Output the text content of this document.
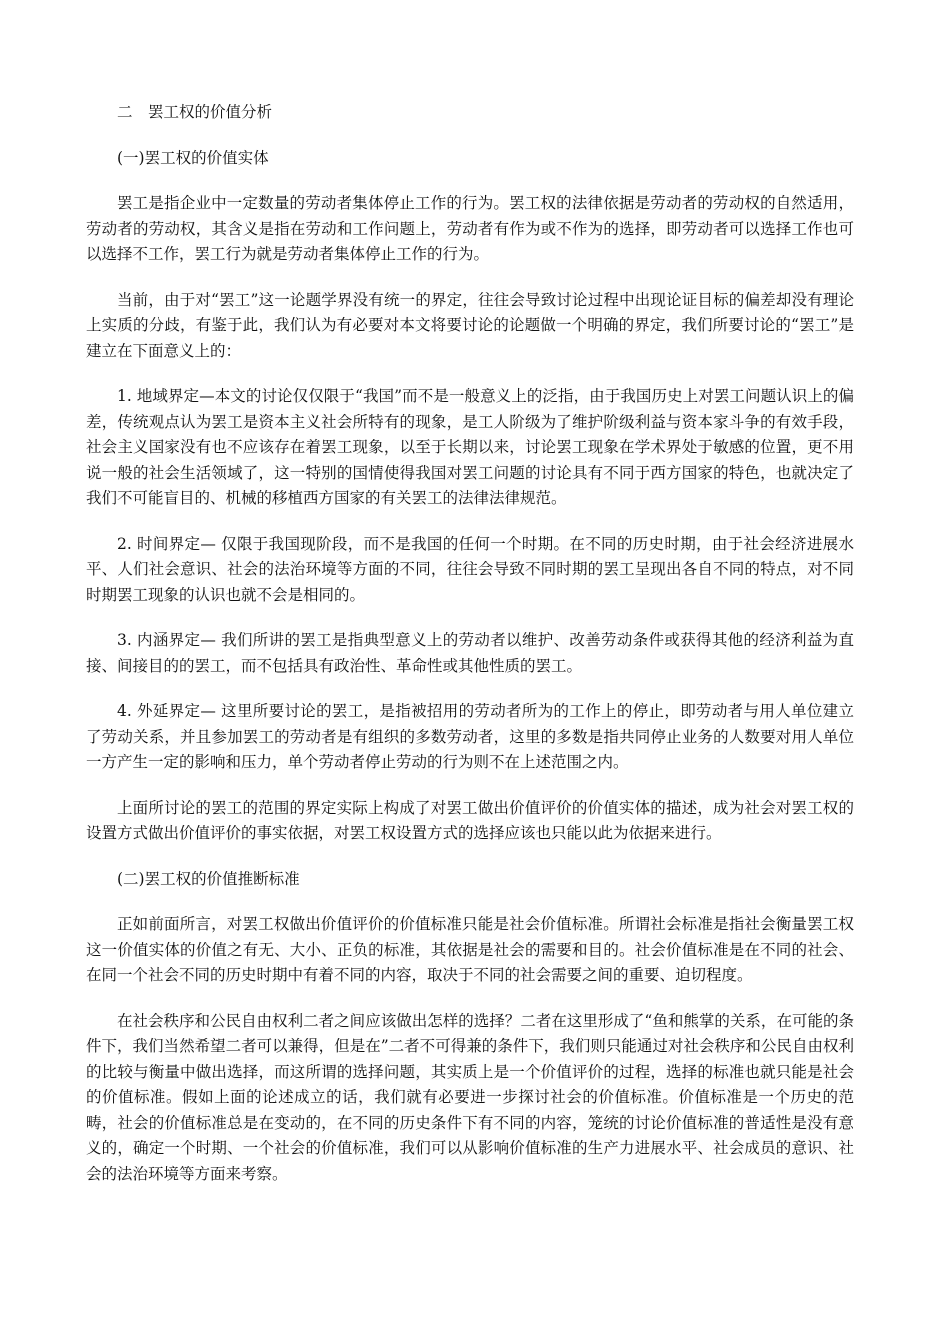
二　罢工权的价值分析

(一)罢工权的价值实体

罢工是指企业中一定数量的劳动者集体停止工作的行为。罢工权的法律依据是劳动者的劳动权的自然适用，劳动者的劳动权，其含义是指在劳动和工作问题上，劳动者有作为或不作为的选择，即劳动者可以选择工作也可以选择不工作，罢工行为就是劳动者集体停止工作的行为。

当前，由于对“罢工”这一论题学界没有统一的界定，往往会导致讨论过程中出现论证目标的偏差却没有理论上实质的分歧，有鉴于此，我们认为有必要对本文将要讨论的论题做一个明确的界定，我们所要讨论的“罢工”是建立在下面意义上的：

1. 地域界定—本文的讨论仅仅限于“我国”而不是一般意义上的泛指，由于我国历史上对罢工问题认识上的偏差，传统观点认为罢工是资本主义社会所特有的现象，是工人阶级为了维护阶级利益与资本家斗争的有效手段，社会主义国家没有也不应该存在着罢工现象，以至于长期以来，讨论罢工现象在学术界处于敏感的位置，更不用说一般的社会生活领域了，这一特别的国情使得我国对罢工问题的讨论具有不同于西方国家的特色，也就决定了我们不可能盲目的、机械的移植西方国家的有关罢工的法律法律规范。

2. 时间界定— 仅限于我国现阶段，而不是我国的任何一个时期。在不同的历史时期，由于社会经济进展水平、人们社会意识、社会的法治环境等方面的不同，往往会导致不同时期的罢工呈现出各自不同的特点，对不同时期罢工现象的认识也就不会是相同的。

3. 内涵界定— 我们所讲的罢工是指典型意义上的劳动者以维护、改善劳动条件或获得其他的经济利益为直接、间接目的的罢工，而不包括具有政治性、革命性或其他性质的罢工。

4. 外延界定— 这里所要讨论的罢工，是指被招用的劳动者所为的工作上的停止，即劳动者与用人单位建立了劳动关系，并且参加罢工的劳动者是有组织的多数劳动者，这里的多数是指共同停止业务的人数要对用人单位一方产生一定的影响和压力，单个劳动者停止劳动的行为则不在上述范围之内。

上面所讨论的罢工的范围的界定实际上构成了对罢工做出价值评价的价值实体的描述，成为社会对罢工权的设置方式做出价值评价的事实依据，对罢工权设置方式的选择应该也只能以此为依据来进行。

(二)罢工权的价值推断标准

正如前面所言，对罢工权做出价值评价的价值标准只能是社会价值标准。所谓社会标准是指社会衡量罢工权这一价值实体的价值之有无、大小、正负的标准，其依据是社会的需要和目的。社会价值标准是在不同的社会、在同一个社会不同的历史时期中有着不同的内容，取决于不同的社会需要之间的重要、迫切程度。

在社会秩序和公民自由权利二者之间应该做出怎样的选择？二者在这里形成了“鱼和熊掌的关系，在可能的条件下，我们当然希望二者可以兼得，但是在”二者不可得兼的条件下，我们则只能通过对社会秩序和公民自由权利的比较与衡量中做出选择，而这所谓的选择问题，其实质上是一个价值评价的过程，选择的标准也就只能是社会的价值标准。假如上面的论述成立的话，我们就有必要进一步探讨社会的价值标准。价值标准是一个历史的范畴，社会的价值标准总是在变动的，在不同的历史条件下有不同的内容，笼统的讨论价值标准的普适性是没有意义的，确定一个时期、一个社会的价值标准，我们可以从影响价值标准的生产力进展水平、社会成员的意识、社会的法治环境等方面来考察。
